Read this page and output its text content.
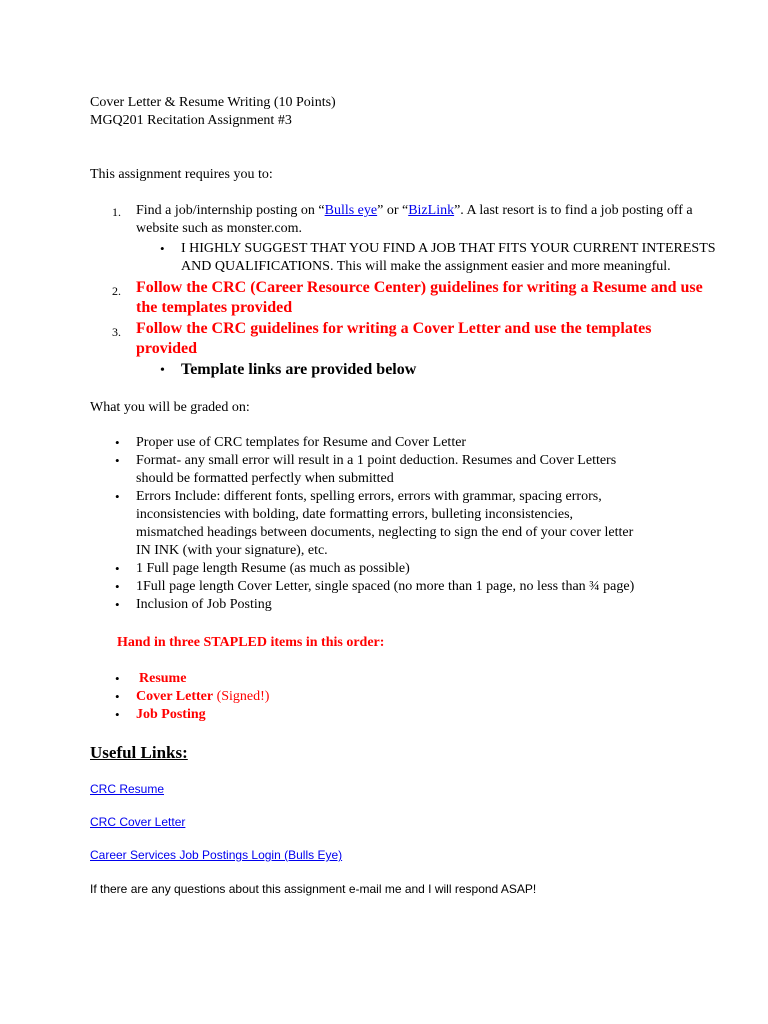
Cover Letter & Resume Writing (10 Points)
MGQ201 Recitation Assignment #3
This assignment requires you to:
1. Find a job/internship posting on “Bulls eye” or “BizLink”. A last resort is to find a job posting off a
website such as monster.com.
• I HIGHLY SUGGEST THAT YOU FIND A JOB THAT FITS YOUR CURRENT INTERESTS
AND QUALIFICATIONS. This will make the assignment easier and more meaningful.
2. Follow the CRC (Career Resource Center) guidelines for writing a Resume and use
the templates provided
3. Follow the CRC guidelines for writing a Cover Letter and use the templates
provided
• Template links are provided below
What you will be graded on:
• Proper use of CRC templates for Resume and Cover Letter
• Format- any small error will result in a 1 point deduction. Resumes and Cover Letters
should be formatted perfectly when submitted
• Errors Include: different fonts, spelling errors, errors with grammar, spacing errors,
inconsistencies with bolding, date formatting errors, bulleting inconsistencies,
mismatched headings between documents, neglecting to sign the end of your cover letter
IN INK (with your signature), etc.
• 1 Full page length Resume (as much as possible)
• 1Full page length Cover Letter, single spaced (no more than 1 page, no less than ¾ page)
• Inclusion of Job Posting
Hand in three STAPLED items in this order:
• Resume
• Cover Letter (Signed!)
• Job Posting
Useful Links:
CRC Resume
CRC Cover Letter
Career Services Job Postings Login (Bulls Eye)
If there are any questions about this assignment e-mail me and I will respond ASAP!
